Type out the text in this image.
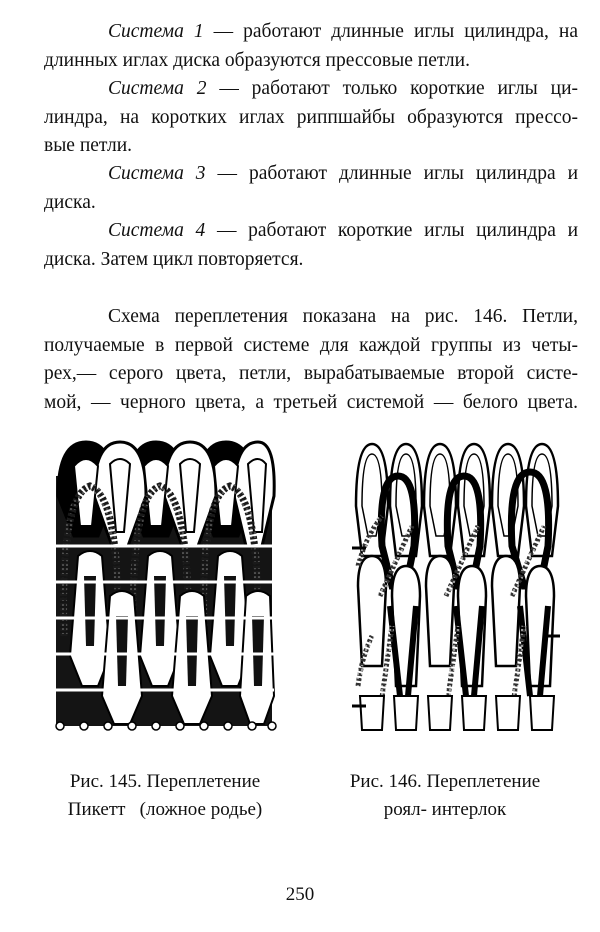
Система 1 — работают длинные иглы цилиндра, на
длинных иглах диска образуются прессовые петли.
Система 2 — работают только короткие иглы ци-
линдра, на коротких иглах риппшайбы образуются прессо-
вые петли.
Система 3 — работают длинные иглы цилиндра и
диска.
Система 4 — работают короткие иглы цилиндра и
диска. Затем цикл повторяется.
Схема переплетения показана на рис. 146. Петли,
получаемые в первой системе для каждой группы из четы-
рех,— серого цвета, петли, вырабатываемые второй систе-
мой, — черного цвета, а третьей системой — белого цвета.
Рис. 145. Переплетение
Пикетт   (ложное родье)
Рис. 146. Переплетение
роял- интерлок
250
